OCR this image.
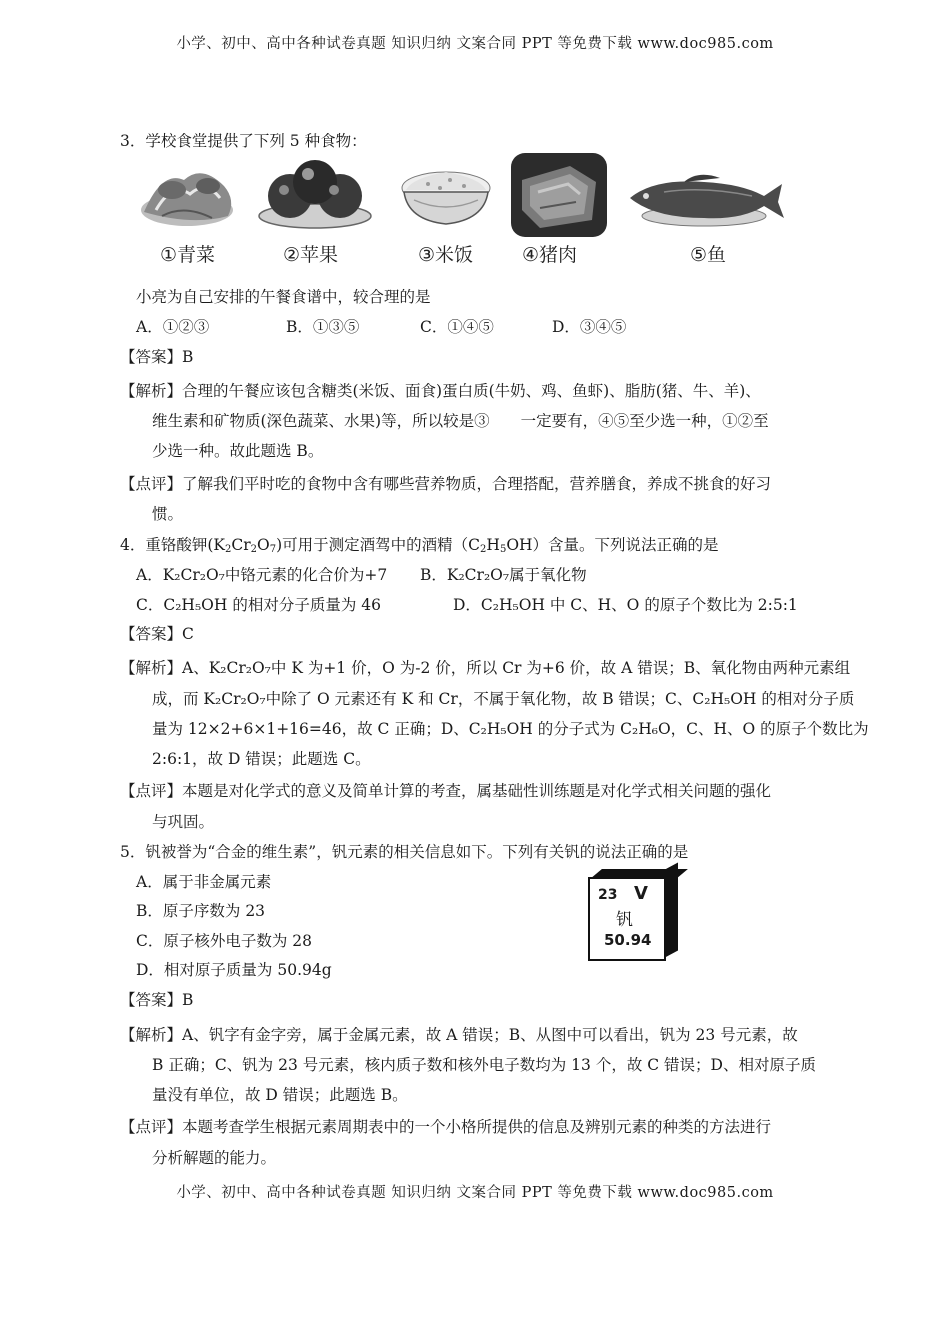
小学、初中、高中各种试卷真题 知识归纳 文案合同 PPT 等免费下载 www.doc985.com
小学、初中、高中各种试卷真题 知识归纳 文案合同 PPT 等免费下载 www.doc985.com
3．学校食堂提供了下列 5 种食物：
①青菜	②苹果	③米饭	④猪肉	⑤鱼
小亮为自己安排的午餐食谱中，较合理的是
A．①②③	B．①③⑤	C．①④⑤	D．③④⑤
【答案】B
【解析】合理的午餐应该包含糖类(米饭、面食)蛋白质(牛奶、鸡、鱼虾)、脂肪(猪、牛、羊)、
维生素和矿物质(深色蔬菜、水果)等，所以较是③　　一定要有，④⑤至少选一种，①②至
少选一种。故此题选 B。
【点评】了解我们平时吃的食物中含有哪些营养物质，合理搭配，营养膳食，养成不挑食的好习
惯。
4．重铬酸钾$(K_2Cr_2O_7)$可用于测定酒驾中的酒精$(C_2H_5OH)$含量。下列说法正确的是
A．K₂Cr₂O₇中铬元素的化合价为+7 B．K₂Cr₂O₇属于氧化物
C．C₂H₅OH 的相对分子质量为 46	D．C₂H₅OH 中 C、H、O 的原子个数比为 2:5:1
【答案】C
【解析】A、K₂Cr₂O₇中 K 为+1 价，O 为-2 价，所以 Cr 为+6 价，故 A 错误；B、氧化物由两种元素组
成，而 K₂Cr₂O₇中除了 O 元素还有 K 和 Cr，不属于氧化物，故 B 错误；C、C₂H₅OH 的相对分子质
量为 12×2+6×1+16=46，故 C 正确；D、C₂H₅OH 的分子式为 C₂H₆O，C、H、O 的原子个数比为
2:6:1，故 D 错误；此题选 C。
【点评】本题是对化学式的意义及简单计算的考查，属基础性训练题是对化学式相关问题的强化
与巩固。
5．钒被誉为“合金的维生素”，钒元素的相关信息如下。下列有关钒的说法正确的是
A．属于非金属元素
B．原子序数为 23
C．原子核外电子数为 28
D．相对原子质量为 50.94g
23 V
钒
50.94
【答案】B
【解析】A、钒字有金字旁，属于金属元素，故 A 错误；B、从图中可以看出，钒为 23 号元素，故
B 正确；C、钒为 23 号元素，核内质子数和核外电子数均为 13 个，故 C 错误；D、相对原子质
量没有单位，故 D 错误；此题选 B。
【点评】本题考查学生根据元素周期表中的一个小格所提供的信息及辨别元素的种类的方法进行
分析解题的能力。
